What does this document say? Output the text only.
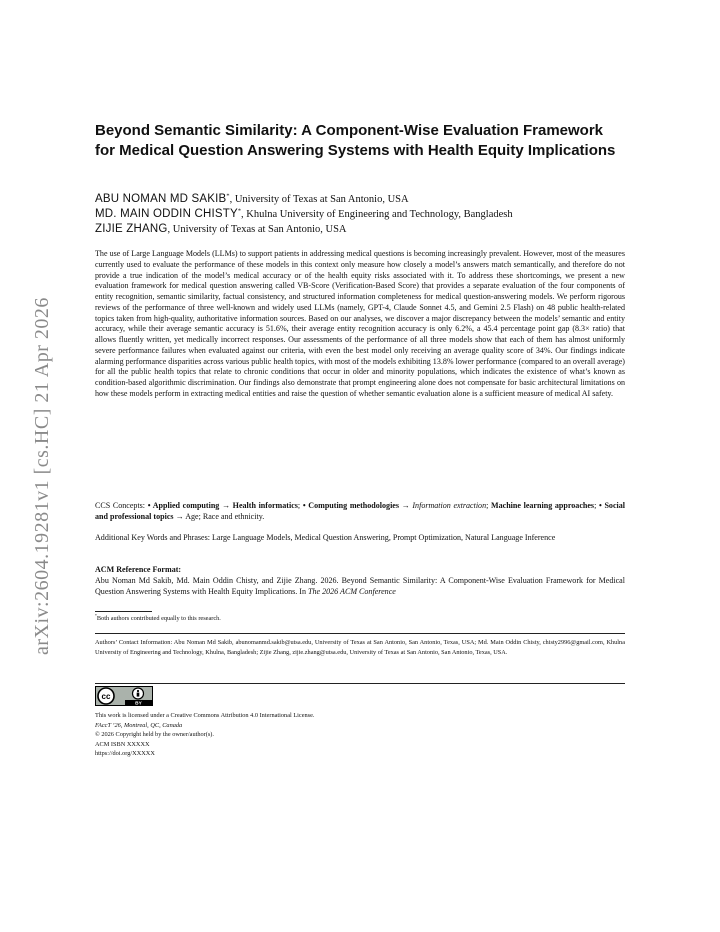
arXiv:2604.19281v1 [cs.HC] 21 Apr 2026
Beyond Semantic Similarity: A Component-Wise Evaluation Framework for Medical Question Answering Systems with Health Equity Implications
ABU NOMAN MD SAKIB*, University of Texas at San Antonio, USA
MD. MAIN ODDIN CHISTY*, Khulna University of Engineering and Technology, Bangladesh
ZIJIE ZHANG, University of Texas at San Antonio, USA

The use of Large Language Models (LLMs) to support patients in addressing medical questions is becoming increasingly prevalent. However, most of the measures currently used to evaluate the performance of these models in this context only measure how closely a model’s answers match semantically, and therefore do not provide a true indication of the model’s medical accuracy or of the health equity risks associated with it. To address these shortcomings, we present a new evaluation framework for medical question answering called VB-Score (Verification-Based Score) that provides a separate evaluation of the four components of entity recognition, semantic similarity, factual consistency, and structured information completeness for medical question-answering models. We perform rigorous reviews of the performance of three well-known and widely used LLMs (namely, GPT-4, Claude Sonnet 4.5, and Gemini 2.5 Flash) on 48 public health-related topics taken from high-quality, authoritative information sources. Based on our analyses, we discover a major discrepancy between the models’ semantic and entity accuracy, while their average semantic accuracy is 51.6%, their average entity recognition accuracy is only 6.2%, a 45.4 percentage point gap (8.3× ratio) that allows fluently written, yet medically incorrect responses. Our assessments of the performance of all three models show that each of them has almost uniformly severe performance failures when evaluated against our criteria, with even the best model only receiving an average quality score of 34%. Our findings indicate alarming performance disparities across various public health topics, with most of the models exhibiting 13.8% lower performance (compared to an overall average) for all the public health topics that relate to chronic conditions that occur in older and minority populations, which indicates the existence of what’s known as condition-based algorithmic discrimination. Our findings also demonstrate that prompt engineering alone does not compensate for basic architectural limitations on how these models perform in extracting medical entities and raise the question of whether semantic evaluation alone is a sufficient measure of medical AI safety.

CCS Concepts: • Applied computing → Health informatics; • Computing methodologies → Information extraction; Machine learning approaches; • Social and professional topics → Age; Race and ethnicity.
Additional Key Words and Phrases: Large Language Models, Medical Question Answering, Prompt Optimization, Natural Language Inference
ACM Reference Format:
Abu Noman Md Sakib, Md. Main Oddin Chisty, and Zijie Zhang. 2026. Beyond Semantic Similarity: A Component-Wise Evaluation Framework for Medical Question Answering Systems with Health Equity Implications. In The 2026 ACM Conference
*Both authors contributed equally to this research.
Authors’ Contact Information: Abu Noman Md Sakib, abunomanmd.sakib@utsa.edu, University of Texas at San Antonio, San Antonio, Texas, USA; Md. Main Oddin Chisty, chisty2996@gmail.com, Khulna University of Engineering and Technology, Khulna, Bangladesh; Zijie Zhang, zijie.zhang@utsa.edu, University of Texas at San Antonio, San Antonio, Texas, USA.
cc
BY
This work is licensed under a Creative Commons Attribution 4.0 International License.
FAccT ’26, Montreal, QC, Canada
© 2026 Copyright held by the owner/author(s).
ACM ISBN XXXXX
https://doi.org/XXXXX
